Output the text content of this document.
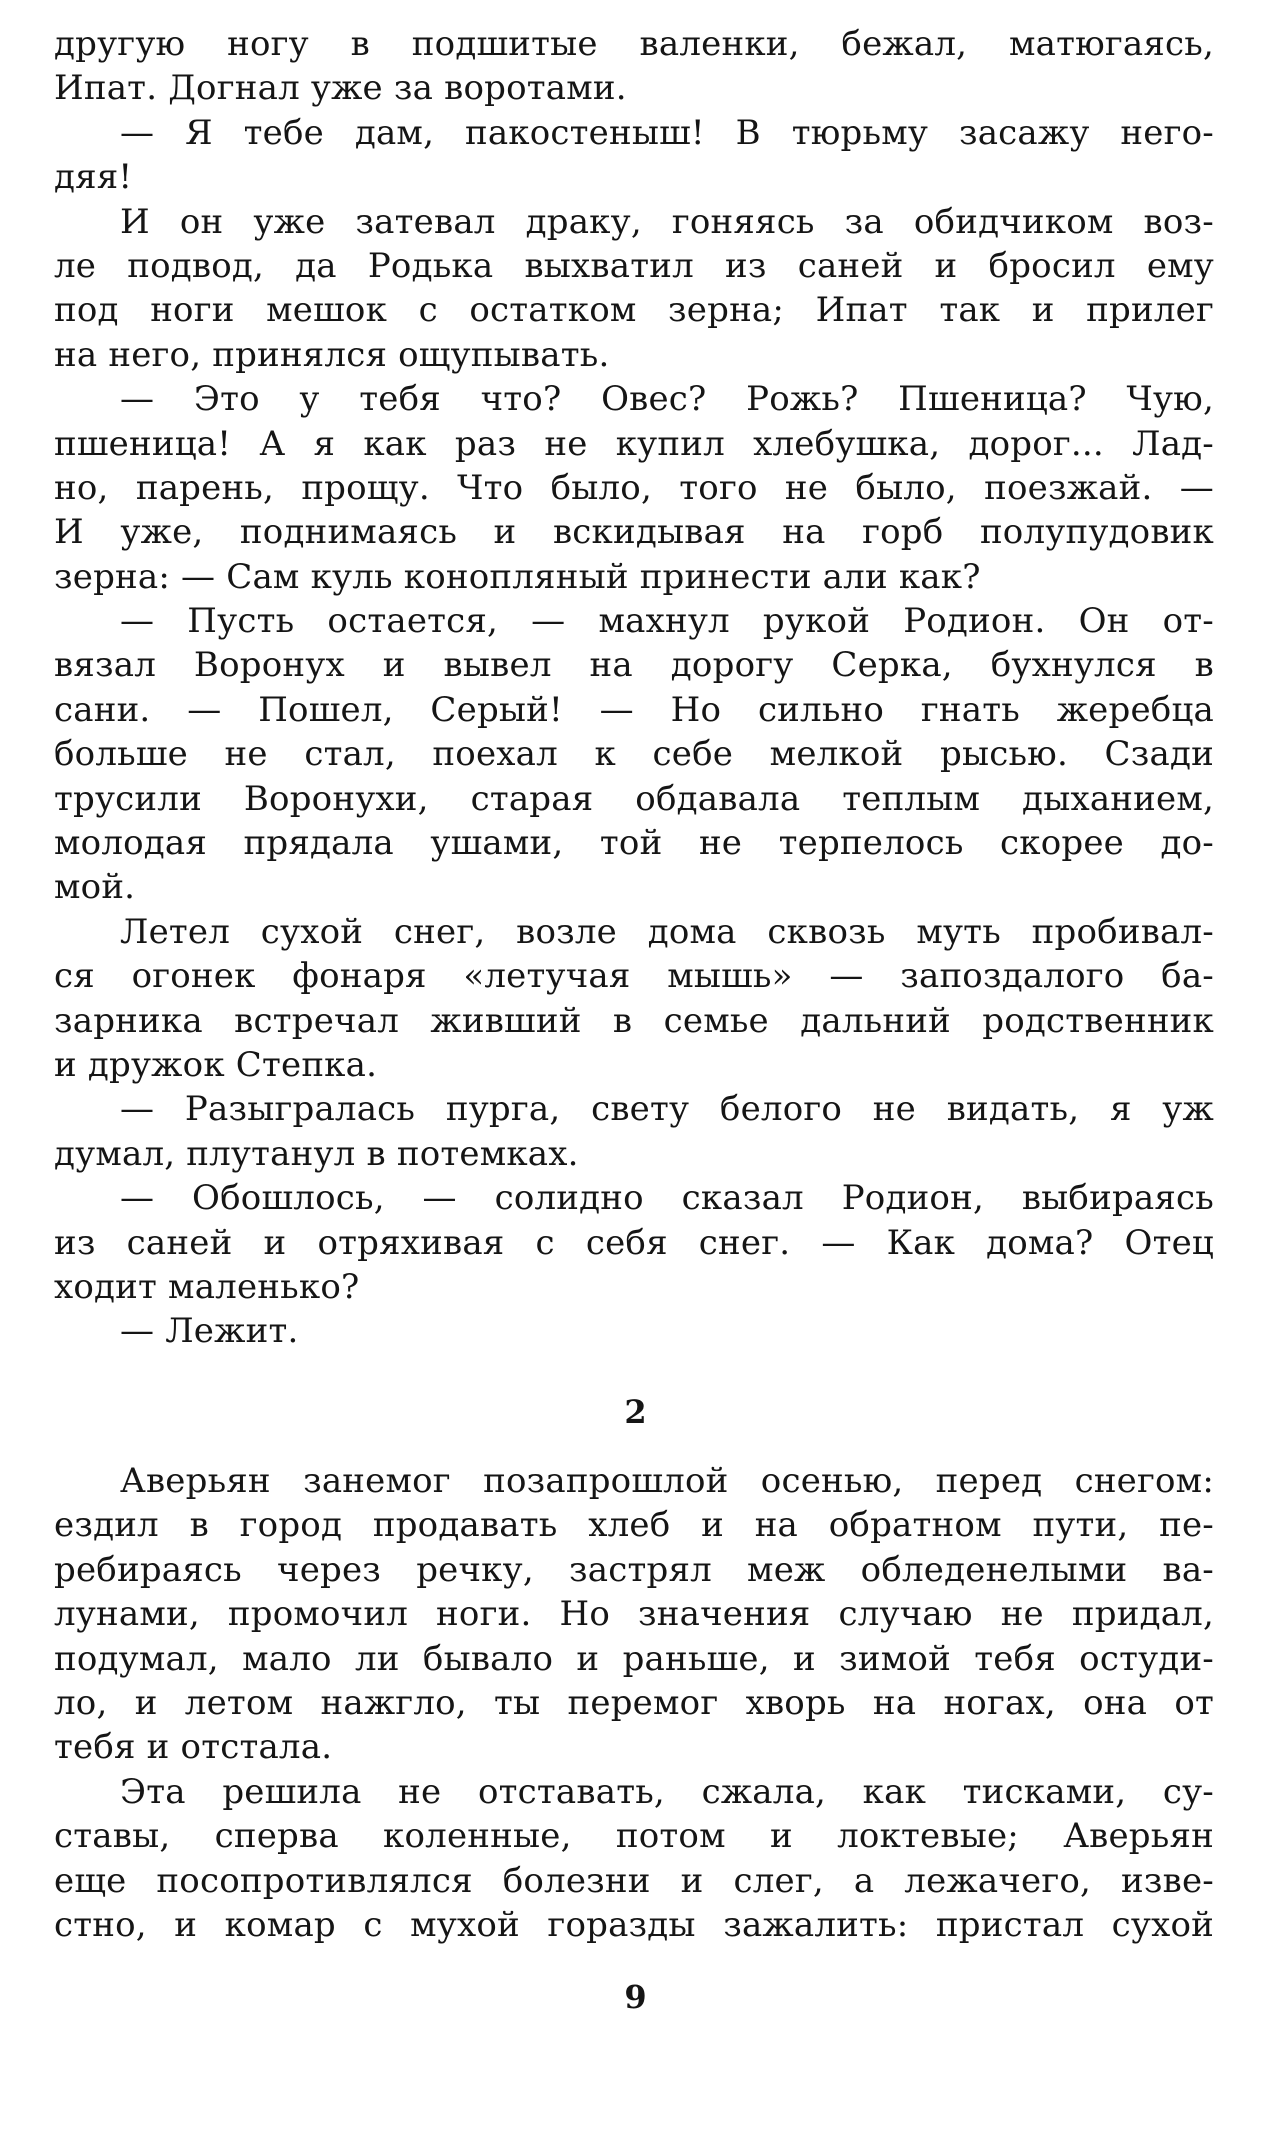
другую ногу в подшитые валенки, бежал, матюгаясь,
Ипат. Догнал уже за воротами.
— Я тебе дам, пакостеныш! В тюрьму засажу него-
дяя!
И он уже затевал драку, гоняясь за обидчиком воз-
ле подвод, да Родька выхватил из саней и бросил ему
под ноги мешок с остатком зерна; Ипат так и прилег
на него, принялся ощупывать.
— Это у тебя что? Овес? Рожь? Пшеница? Чую,
пшеница! А я как раз не купил хлебушка, дорог... Лад-
но, парень, прощу. Что было, того не было, поезжай. —
И уже, поднимаясь и вскидывая на горб полупудовик
зерна: — Сам куль конопляный принести али как?
— Пусть остается, — махнул рукой Родион. Он от-
вязал Воронух и вывел на дорогу Серка, бухнулся в
сани. — Пошел, Серый! — Но сильно гнать жеребца
больше не стал, поехал к себе мелкой рысью. Сзади
трусили Воронухи, старая обдавала теплым дыханием,
молодая прядала ушами, той не терпелось скорее до-
мой.
Летел сухой снег, возле дома сквозь муть пробивал-
ся огонек фонаря «летучая мышь» — запоздалого ба-
зарника встречал живший в семье дальний родственник
и дружок Степка.
— Разыгралась пурга, свету белого не видать, я уж
думал, плутанул в потемках.
— Обошлось, — солидно сказал Родион, выбираясь
из саней и отряхивая с себя снег. — Как дома? Отец
ходит маленько?
— Лежит.
2
Аверьян занемог позапрошлой осенью, перед снегом:
ездил в город продавать хлеб и на обратном пути, пе-
ребираясь через речку, застрял меж обледенелыми ва-
лунами, промочил ноги. Но значения случаю не придал,
подумал, мало ли бывало и раньше, и зимой тебя остуди-
ло, и летом нажгло, ты перемог хворь на ногах, она от
тебя и отстала.
Эта решила не отставать, сжала, как тисками, су-
ставы, сперва коленные, потом и локтевые; Аверьян
еще посопротивлялся болезни и слег, а лежачего, изве-
стно, и комар с мухой горазды зажалить: пристал сухой
9
